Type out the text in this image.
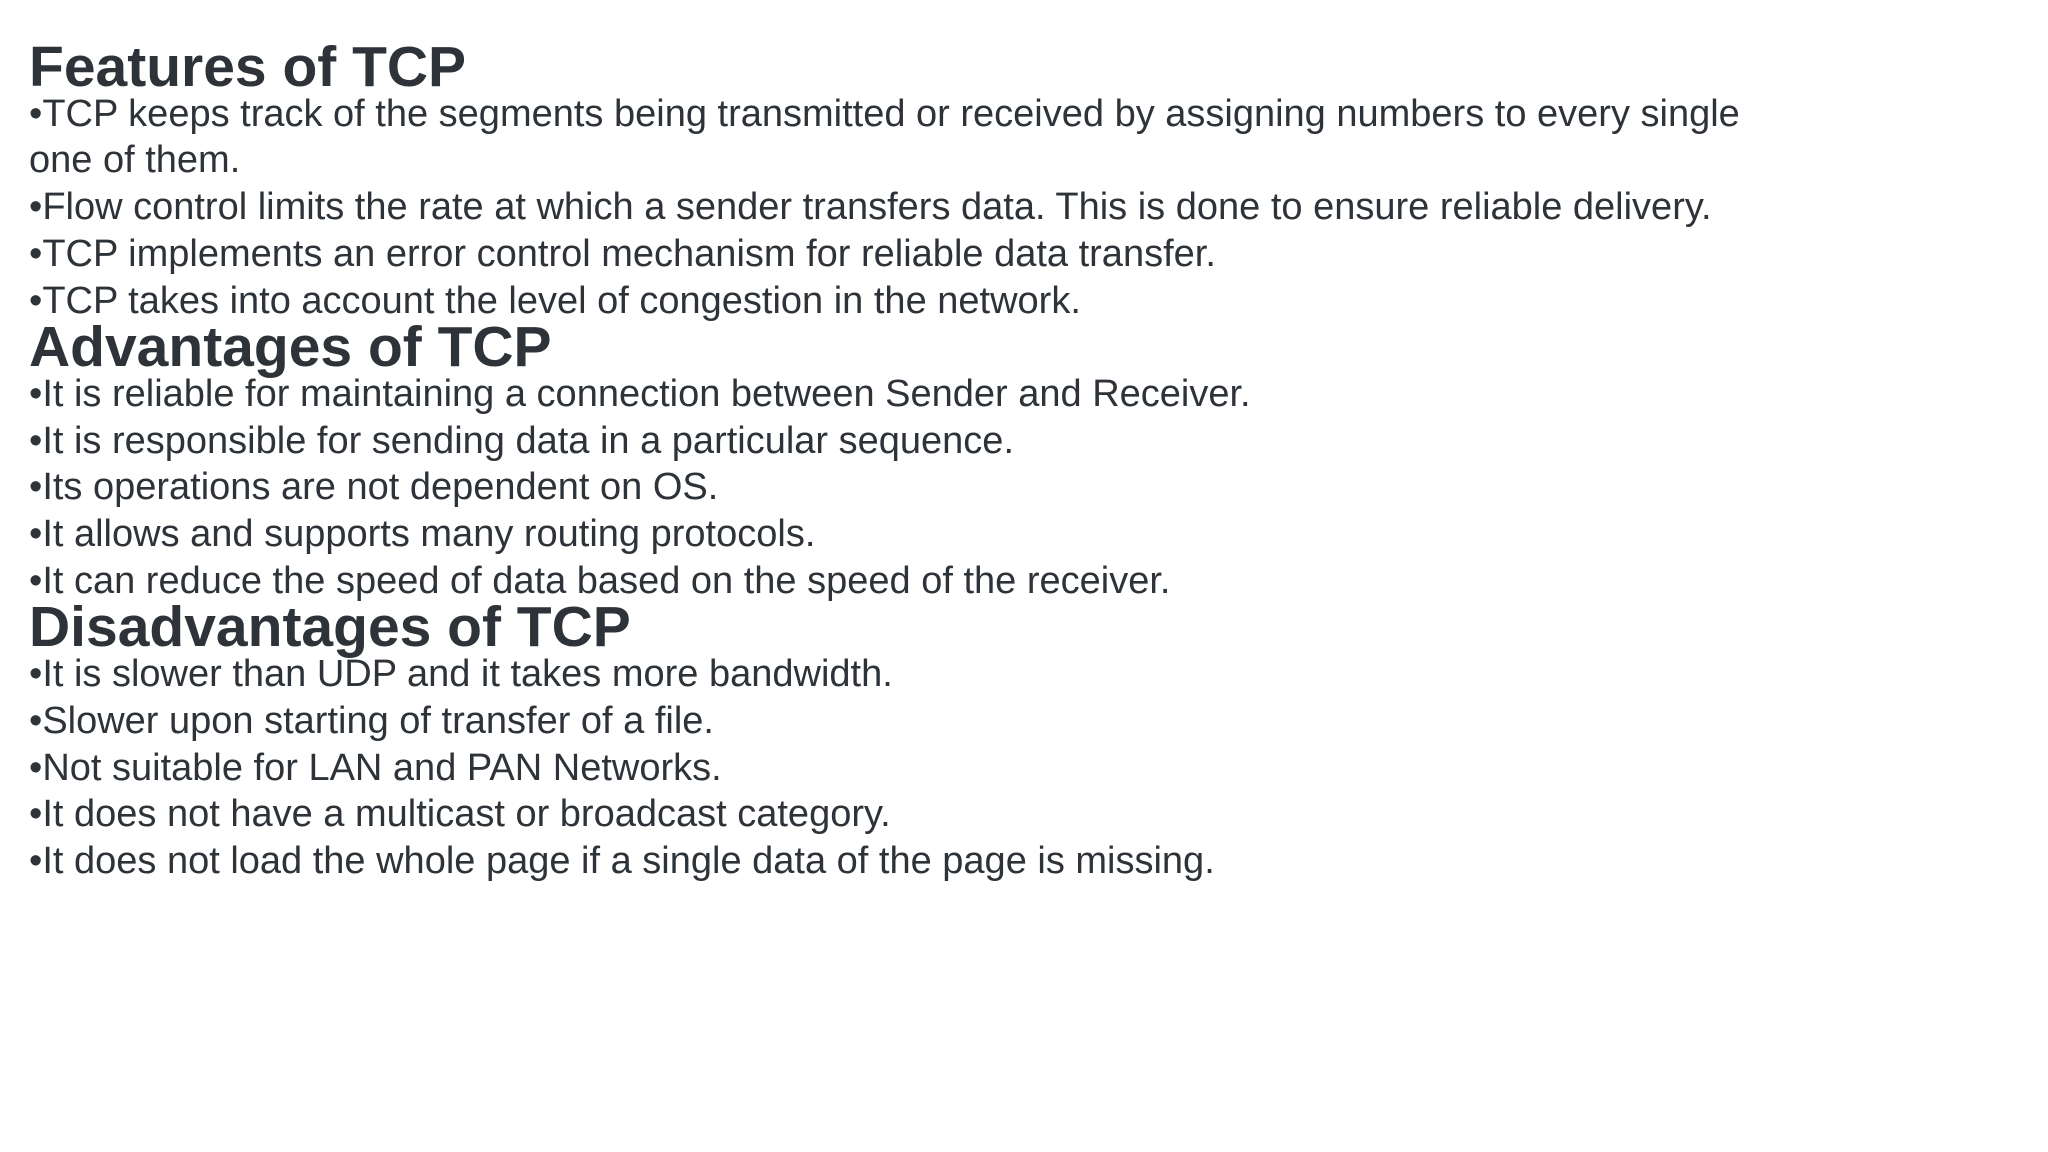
Features of TCP
• TCP keeps track of the segments being transmitted or received by assigning numbers to every single one of them.
• Flow control limits the rate at which a sender transfers data. This is done to ensure reliable delivery.
• TCP implements an error control mechanism for reliable data transfer.
• TCP takes into account the level of congestion in the network.
Advantages of TCP
• It is reliable for maintaining a connection between Sender and Receiver.
• It is responsible for sending data in a particular sequence.
• Its operations are not dependent on OS.
• It allows and supports many routing protocols.
• It can reduce the speed of data based on the speed of the receiver.
Disadvantages of TCP
• It is slower than UDP and it takes more bandwidth.
• Slower upon starting of transfer of a file.
• Not suitable for LAN and PAN Networks.
• It does not have a multicast or broadcast category.
• It does not load the whole page if a single data of the page is missing.
